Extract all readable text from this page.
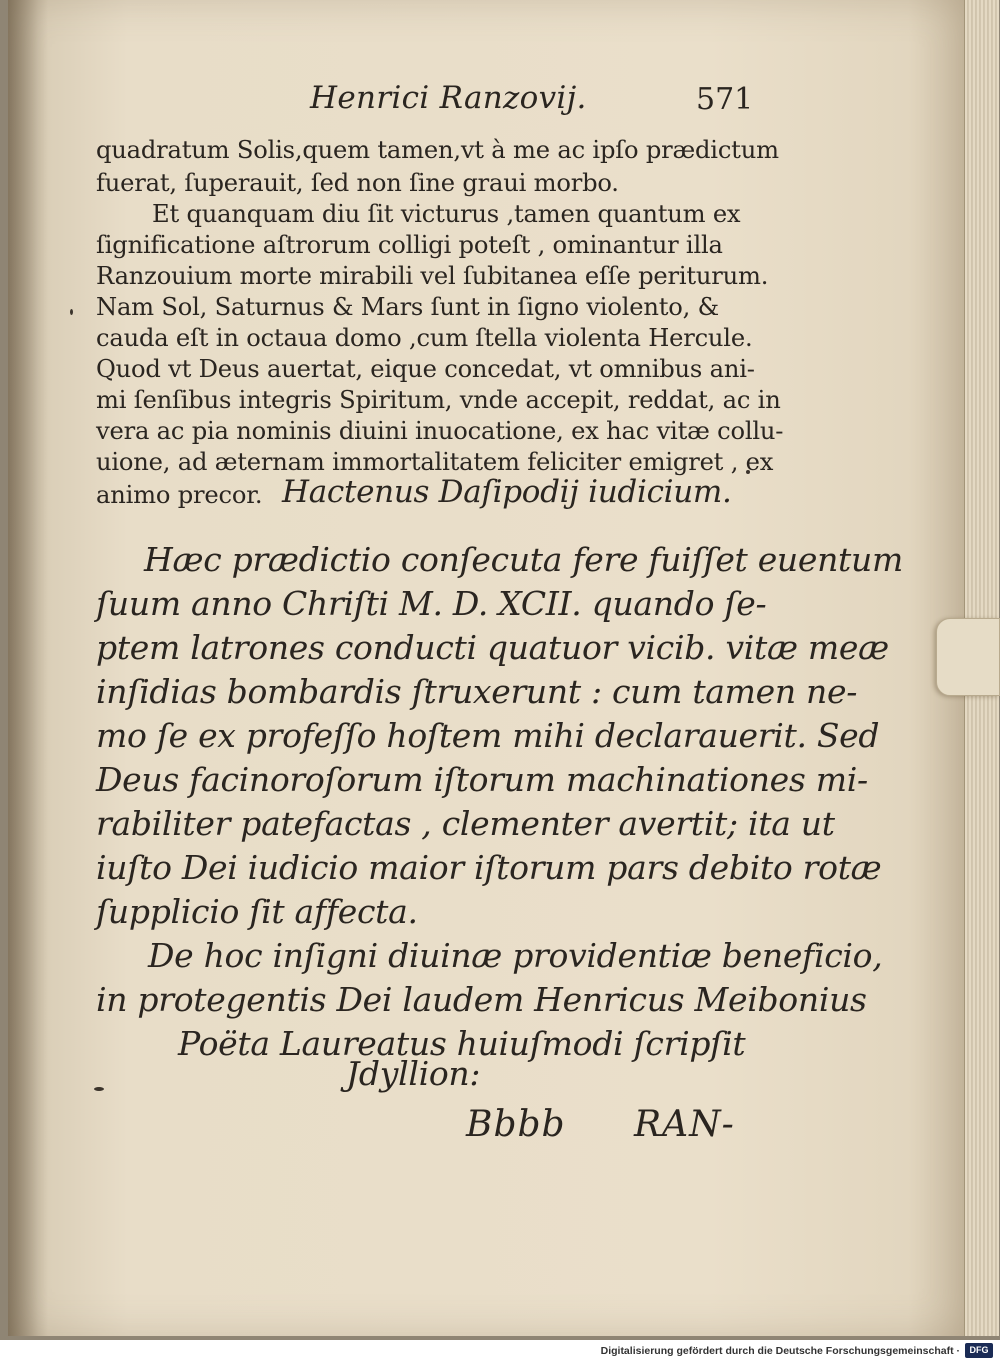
Henrici Ranzovij.	571
quadratum Solis,quem tamen,vt à me ac ipſo prædictum
fuerat, ſuperauit, ſed non ſine graui morbo.
Et quanquam diu ſit victurus ,tamen quantum ex
ſignificatione aſtrorum colligi poteſt , ominantur illa
Ranzouium morte mirabili vel ſubitanea eſſe periturum.
Nam Sol, Saturnus & Mars ſunt in ſigno violento, &
cauda eſt in octaua domo ,cum ſtella violenta Hercule.
Quod vt Deus auertat, eique concedat, vt omnibus ani-
mi ſenſibus integris Spiritum, vnde accepit, reddat, ac in
vera ac pia nominis diuini inuocatione, ex hac vitæ collu-
uione, ad æternam immortalitatem feliciter emigret , ex
animo precor. Hactenus Daſipodij iudicium.
Hæc prædictio conſecuta fere fuiſſet euentum
ſuum anno Chriſti M. D. XCII. quando ſe-
ptem latrones conducti quatuor vicib. vitæ meæ
inſidias bombardis ſtruxerunt : cum tamen ne-
mo ſe ex profeſſo hoſtem mihi declarauerit. Sed
Deus facinoroſorum iſtorum machinationes mi-
rabiliter patefactas , clementer avertit; ita ut
iuſto Dei iudicio maior iſtorum pars debito rotæ
ſupplicio ſit affecta.
De hoc inſigni diuinæ providentiæ beneficio,
in protegentis Dei laudem Henricus Meibonius
Poëta Laureatus huiuſmodi ſcripſit
Jdyllion:
Bbbb RAN-
Digitalisierung gefördert durch die Deutsche Forschungsgemeinschaft ·	DFG
